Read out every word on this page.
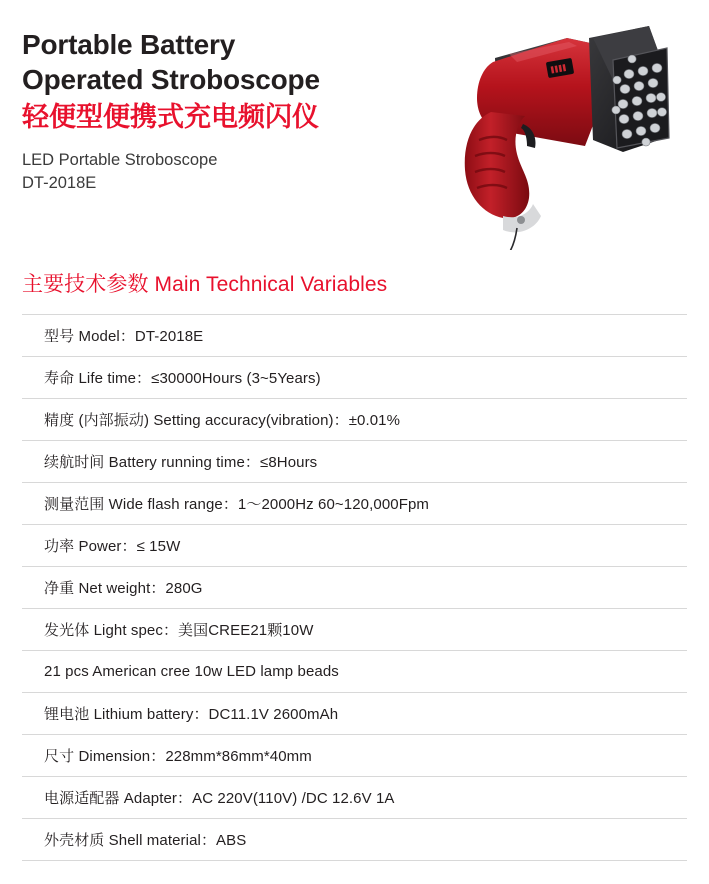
Portable Battery
Operated Stroboscope
轻便型便携式充电频闪仪
LED Portable Stroboscope
DT-2018E
主要技术参数 Main Technical Variables
型号 Model：DT-2018E
寿命 Life time：≤30000Hours (3~5Years)
精度 (内部振动) Setting accuracy(vibration)：±0.01%
续航时间 Battery running time：≤8Hours
测量范围 Wide flash range：1～2000Hz 60~120,000Fpm
功率 Power：≤ 15W
净重 Net weight：280G
发光体 Light spec：美国CREE21颗10W
21 pcs American cree 10w LED lamp beads
锂电池 Lithium battery：DC11.1V 2600mAh
尺寸 Dimension：228mm*86mm*40mm
电源适配器 Adapter：AC 220V(110V) /DC 12.6V 1A
外壳材质 Shell material：ABS
